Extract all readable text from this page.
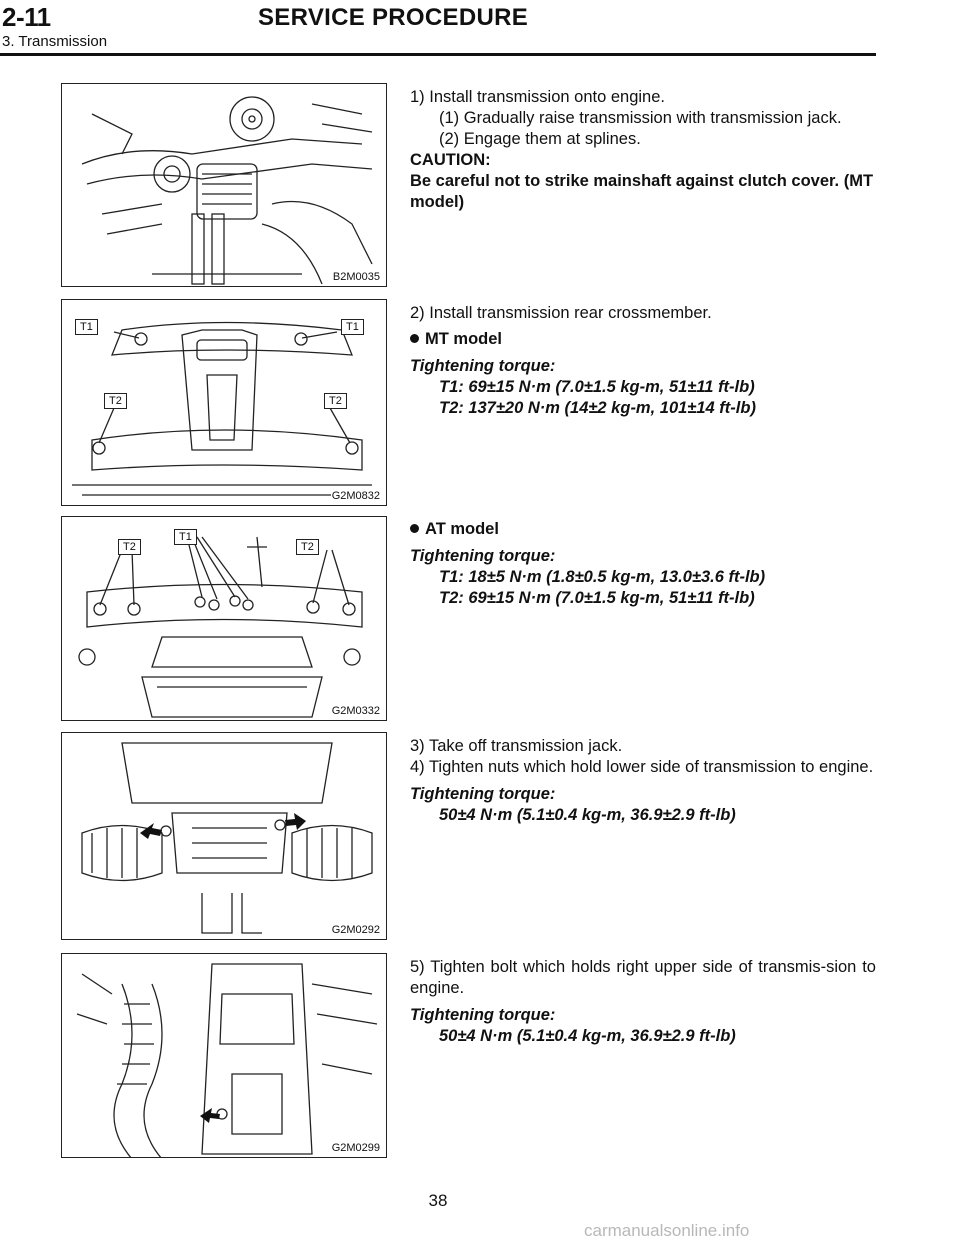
2-11	SERVICE PROCEDURE
3. Transmission
B2M0035
T1	T1
T2	T2
G2M0832
T2
T1
T2
G2M0332
G2M0292
G2M0299

1) Install transmission onto engine.

(1) Gradually raise transmission with transmission jack.

(2) Engage them at splines.

CAUTION:

Be careful not to strike mainshaft against clutch cover. (MT model)

2) Install transmission rear crossmember.

MT model

Tightening torque:

T1: 69±15 N·m (7.0±1.5 kg-m, 51±11 ft-lb)

T2: 137±20 N·m (14±2 kg-m, 101±14 ft-lb)

AT model

Tightening torque:

T1: 18±5 N·m (1.8±0.5 kg-m, 13.0±3.6 ft-lb)

T2: 69±15 N·m (7.0±1.5 kg-m, 51±11 ft-lb)

3) Take off transmission jack.

4) Tighten nuts which hold lower side of transmission to engine.

Tightening torque:

50±4 N·m (5.1±0.4 kg-m, 36.9±2.9 ft-lb)

5) Tighten bolt which holds right upper side of transmis-sion to engine.

Tightening torque:

50±4 N·m (5.1±0.4 kg-m, 36.9±2.9 ft-lb)

38
carmanualsonline.info
